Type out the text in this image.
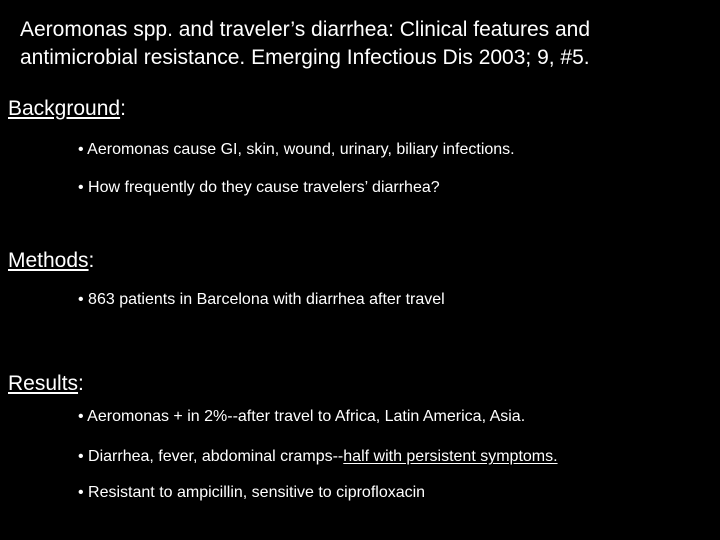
Aeromonas spp. and traveler’s diarrhea: Clinical features and
antimicrobial resistance. Emerging Infectious Dis 2003; 9, #5.
Background:
• Aeromonas cause GI, skin, wound, urinary, biliary infections.
• How frequently do they cause travelers’ diarrhea?
Methods:
• 863 patients in Barcelona with diarrhea after travel
Results:
• Aeromonas + in 2%--after travel to Africa, Latin America, Asia.
• Diarrhea, fever, abdominal cramps--half with persistent symptoms.
• Resistant to ampicillin, sensitive to ciprofloxacin
